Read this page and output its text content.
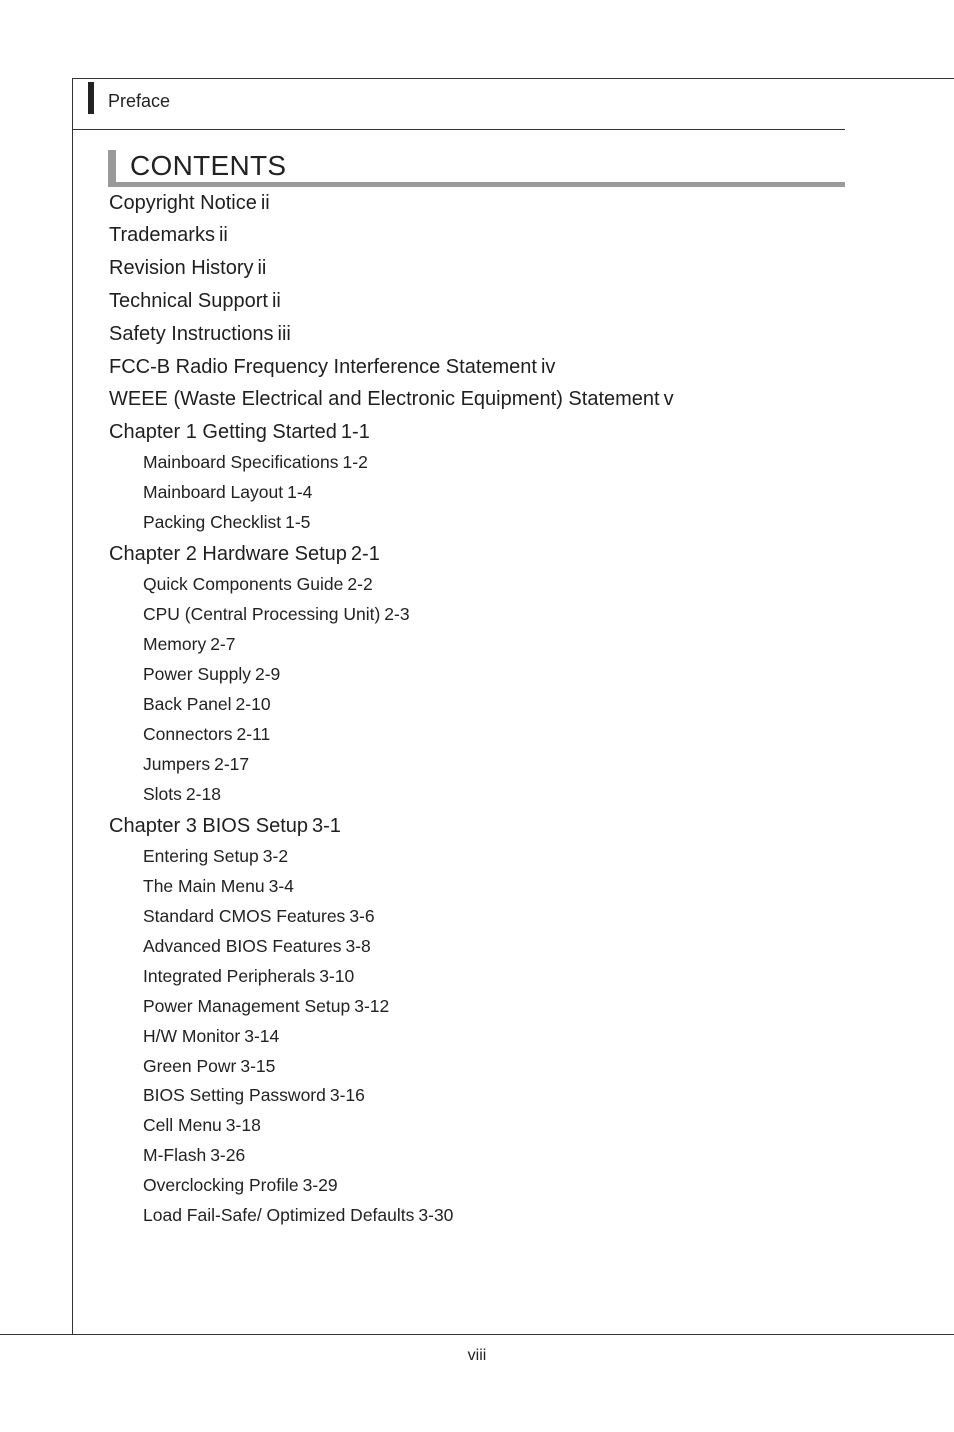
Preface
CONTENTS
Copyright Notice ii
Trademarks ii
Revision History ii
Technical Support ii
Safety Instructions iii
FCC-B Radio Frequency Interference Statement iv
WEEE (Waste Electrical and Electronic Equipment) Statement v
Chapter 1 Getting Started 1-1
Mainboard Specifications 1-2
Mainboard Layout 1-4
Packing Checklist 1-5
Chapter 2 Hardware Setup 2-1
Quick Components Guide 2-2
CPU (Central Processing Unit) 2-3
Memory 2-7
Power Supply 2-9
Back Panel 2-10
Connectors 2-11
Jumpers 2-17
Slots 2-18
Chapter 3 BIOS Setup 3-1
Entering Setup 3-2
The Main Menu 3-4
Standard CMOS Features 3-6
Advanced BIOS Features 3-8
Integrated Peripherals 3-10
Power Management Setup 3-12
H/W Monitor 3-14
Green Powr 3-15
BIOS Setting Password 3-16
Cell Menu 3-18
M-Flash 3-26
Overclocking Profile 3-29
Load Fail-Safe/ Optimized Defaults 3-30
viii
